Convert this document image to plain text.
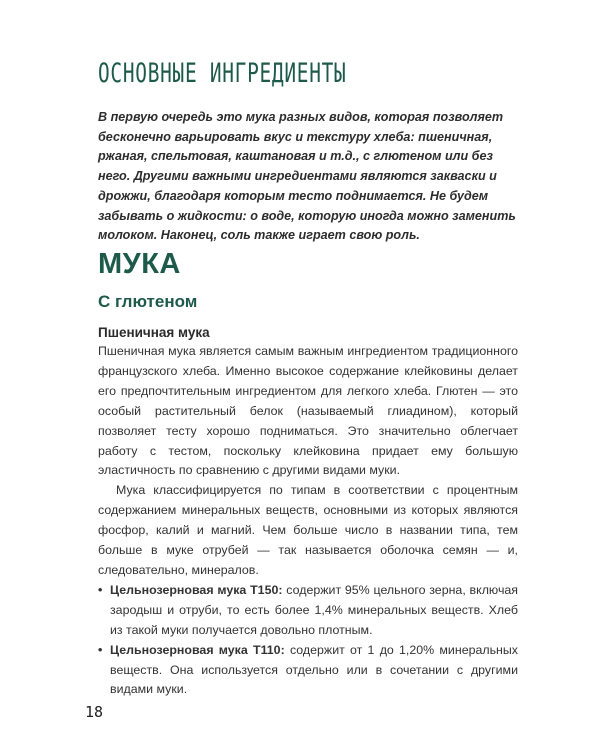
ОСНОВНЫЕ ИНГРЕДИЕНТЫ

В первую очередь это мука разных видов, которая позволяет бесконечно варьировать вкус и текстуру хлеба: пшеничная, ржаная, спельтовая, каштановая и т.д., с глютеном или без него. Другими важными ингредиентами являются закваски и дрожжи, благодаря которым тесто поднимается. Не будем забывать о жидкости: о воде, которую иногда можно заменить молоком. Наконец, соль также играет свою роль.

МУКА
С глютеном
Пшеничная мука

Пшеничная мука является самым важным ингредиентом традиционного французского хлеба. Именно высокое содержание клейковины делает его предпочтительным ингредиентом для легкого хлеба. Глютен — это особый растительный белок (называемый глиадином), который позволяет тесту хорошо подниматься. Это значительно облегчает работу с тестом, поскольку клейковина придает ему большую эластичность по сравнению с другими видами муки.

Мука классифицируется по типам в соответствии с процентным содержанием минеральных веществ, основными из которых являются фосфор, калий и магний. Чем больше число в названии типа, тем больше в муке отрубей — так называется оболочка семян — и, следовательно, минералов.

• Цельнозерновая мука Т150: содержит 95% цельного зерна, включая зародыш и отруби, то есть более 1,4% минеральных веществ. Хлеб из такой муки получается довольно плотным.
• Цельнозерновая мука Т110: содержит от 1 до 1,20% минеральных веществ. Она используется отдельно или в сочетании с другими видами муки.
18
